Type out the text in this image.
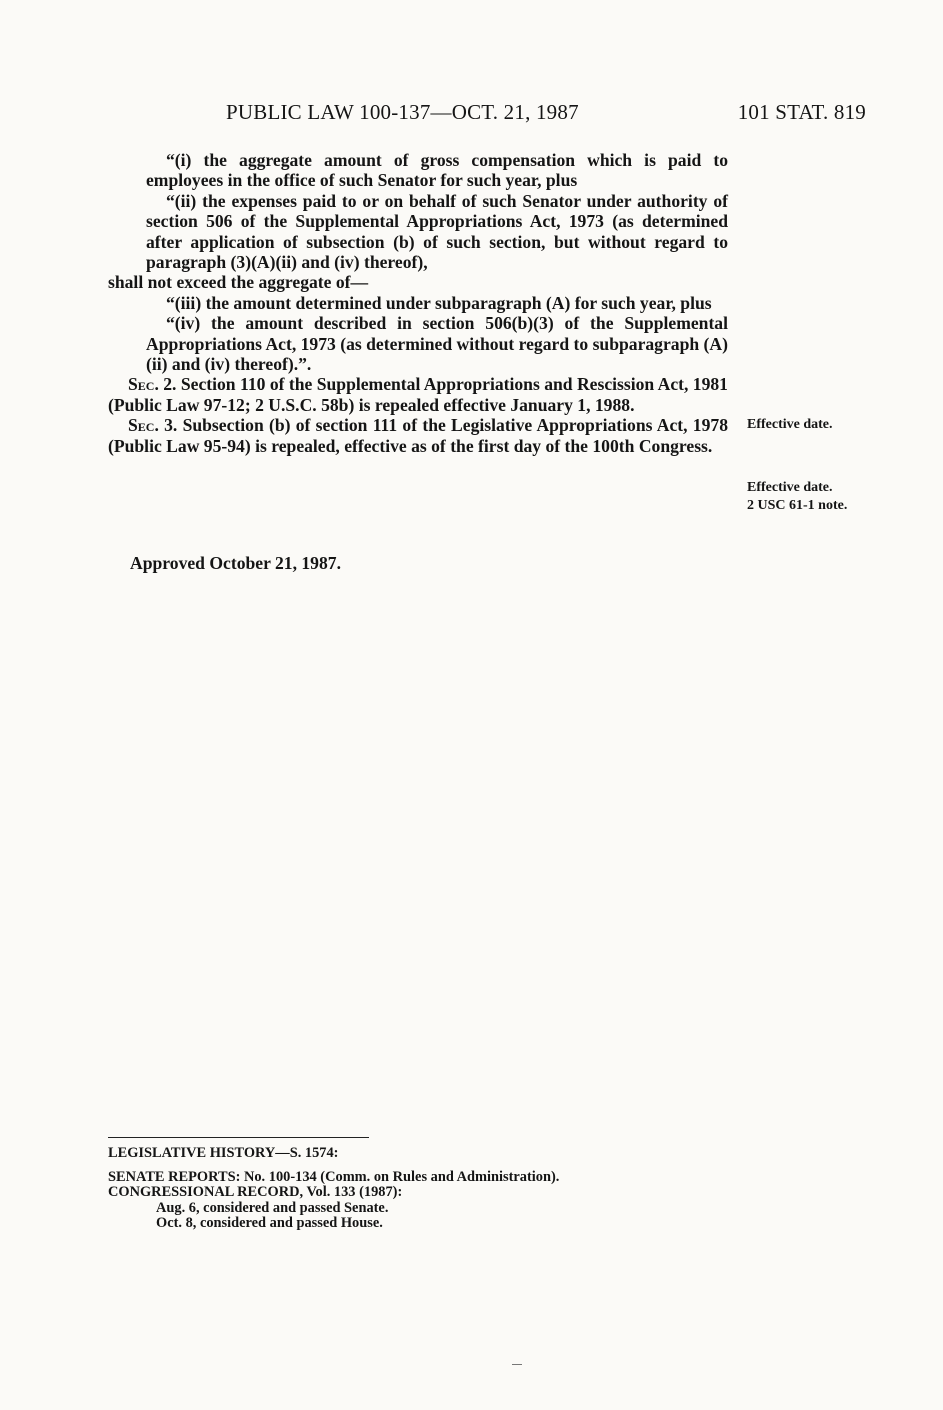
PUBLIC LAW 100-137—OCT. 21, 1987	101 STAT. 819

“(i) the aggregate amount of gross compensation which is paid to employees in the office of such Senator for such year, plus

“(ii) the expenses paid to or on behalf of such Senator under authority of section 506 of the Supplemental Appropriations Act, 1973 (as determined after application of subsection (b) of such section, but without regard to paragraph (3)(A)(ii) and (iv) thereof),

shall not exceed the aggregate of—

“(iii) the amount determined under subparagraph (A) for such year, plus

“(iv) the amount described in section 506(b)(3) of the Supplemental Appropriations Act, 1973 (as determined without regard to subparagraph (A)(ii) and (iv) thereof).”.

Sec. 2. Section 110 of the Supplemental Appropriations and Rescission Act, 1981 (Public Law 97-12; 2 U.S.C. 58b) is repealed effective January 1, 1988.

Sec. 3. Subsection (b) of section 111 of the Legislative Appropriations Act, 1978 (Public Law 95-94) is repealed, effective as of the first day of the 100th Congress.

Approved October 21, 1987.
Effective date.
Effective date.
2 USC 61-1 note.
LEGISLATIVE HISTORY—S. 1574:
SENATE REPORTS: No. 100-134 (Comm. on Rules and Administration).
CONGRESSIONAL RECORD, Vol. 133 (1987):
Aug. 6, considered and passed Senate.
Oct. 8, considered and passed House.
